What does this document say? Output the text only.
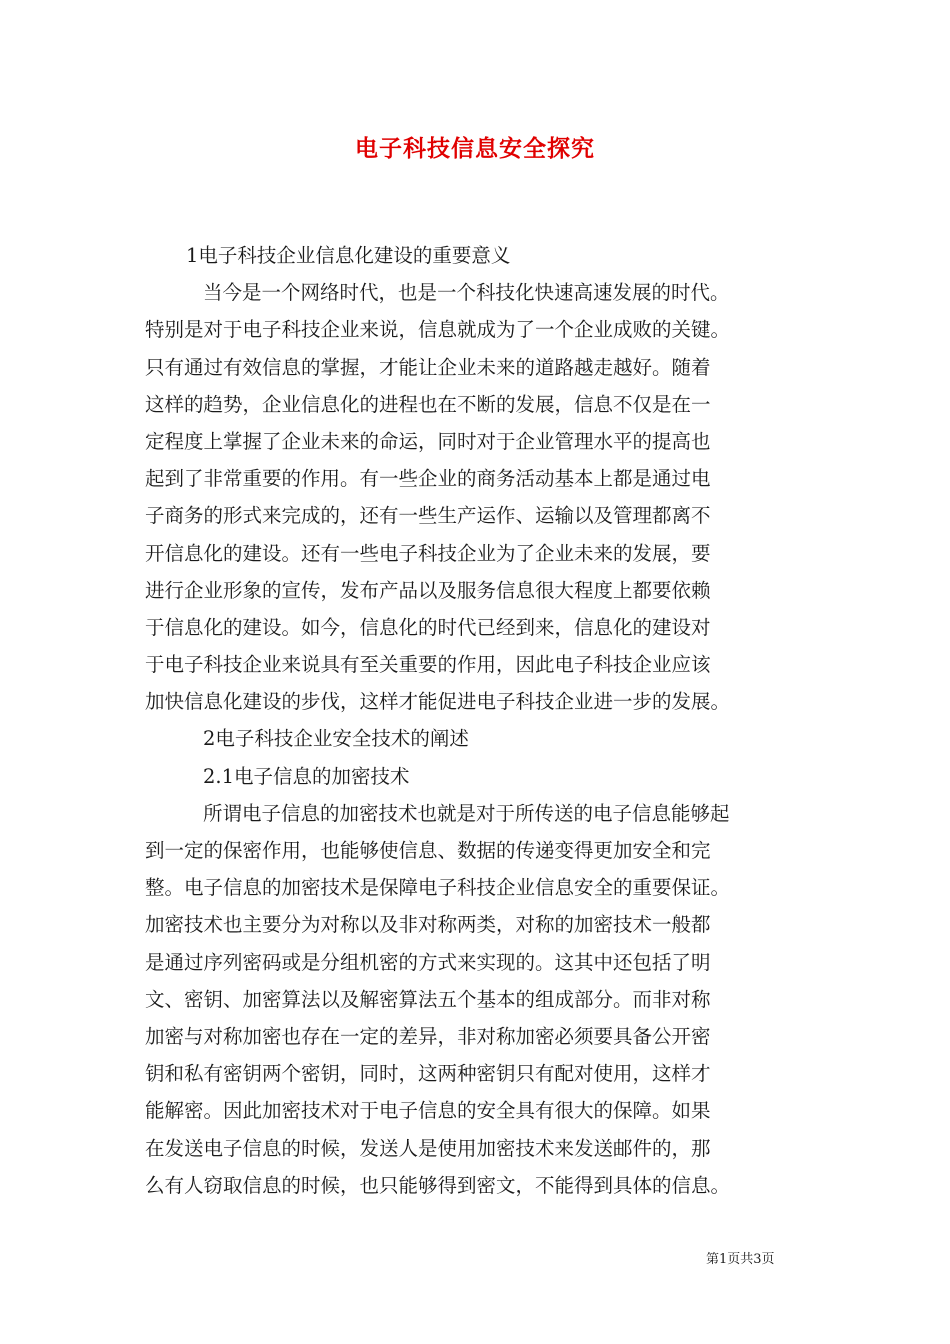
电子科技信息安全探究
1电子科技企业信息化建设的重要意义
当今是一个网络时代，也是一个科技化快速高速发展的时代。
特别是对于电子科技企业来说，信息就成为了一个企业成败的关键。
只有通过有效信息的掌握，才能让企业未来的道路越走越好。随着
这样的趋势，企业信息化的进程也在不断的发展，信息不仅是在一
定程度上掌握了企业未来的命运，同时对于企业管理水平的提高也
起到了非常重要的作用。有一些企业的商务活动基本上都是通过电
子商务的形式来完成的，还有一些生产运作、运输以及管理都离不
开信息化的建设。还有一些电子科技企业为了企业未来的发展，要
进行企业形象的宣传，发布产品以及服务信息很大程度上都要依赖
于信息化的建设。如今，信息化的时代已经到来，信息化的建设对
于电子科技企业来说具有至关重要的作用，因此电子科技企业应该
加快信息化建设的步伐，这样才能促进电子科技企业进一步的发展。
2电子科技企业安全技术的阐述
2.1电子信息的加密技术
所谓电子信息的加密技术也就是对于所传送的电子信息能够起
到一定的保密作用，也能够使信息、数据的传递变得更加安全和完
整。电子信息的加密技术是保障电子科技企业信息安全的重要保证。
加密技术也主要分为对称以及非对称两类，对称的加密技术一般都
是通过序列密码或是分组机密的方式来实现的。这其中还包括了明
文、密钥、加密算法以及解密算法五个基本的组成部分。而非对称
加密与对称加密也存在一定的差异，非对称加密必须要具备公开密
钥和私有密钥两个密钥，同时，这两种密钥只有配对使用，这样才
能解密。因此加密技术对于电子信息的安全具有很大的保障。如果
在发送电子信息的时候，发送人是使用加密技术来发送邮件的，那
么有人窃取信息的时候，也只能够得到密文，不能得到具体的信息。
第1页共3页
